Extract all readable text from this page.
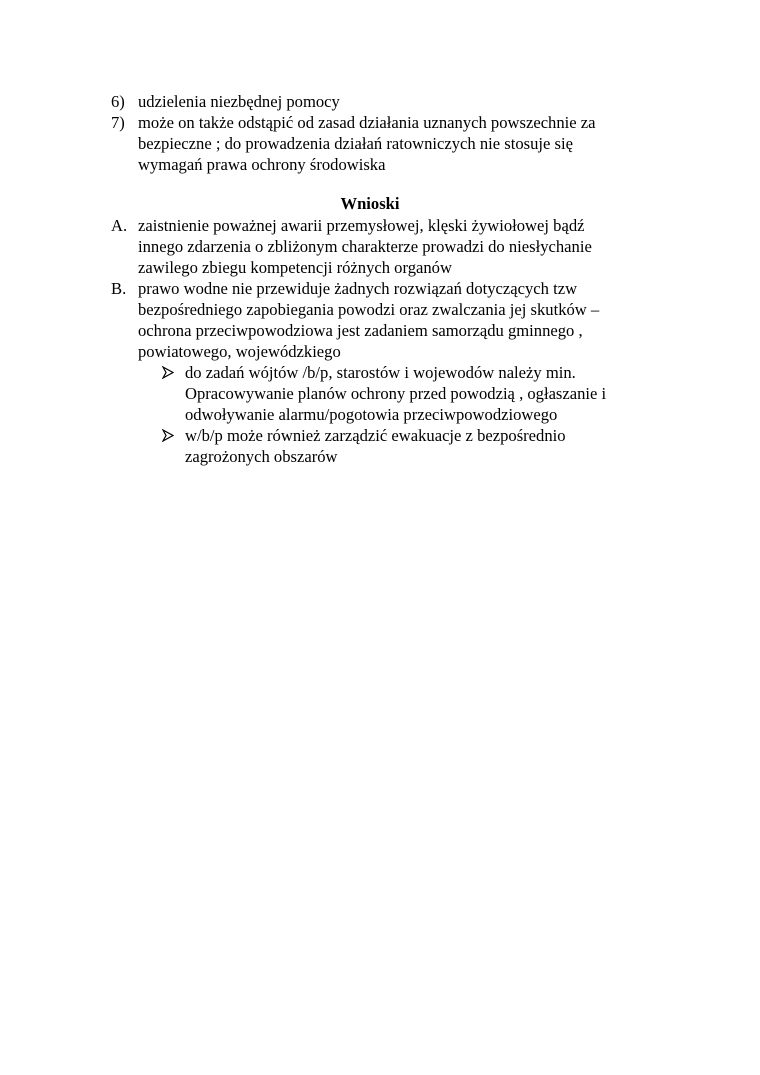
6) udzielenia niezbędnej pomocy
7) może on także odstąpić od zasad działania uznanych powszechnie za
bezpieczne ; do prowadzenia działań ratowniczych nie stosuje się
wymagań prawa ochrony środowiska
Wnioski
A. zaistnienie poważnej awarii przemysłowej, klęski żywiołowej bądź
innego zdarzenia o zbliżonym charakterze prowadzi do niesłychanie
zawilego zbiegu kompetencji różnych organów
B. prawo wodne nie przewiduje żadnych rozwiązań dotyczących tzw
bezpośredniego zapobiegania powodzi oraz zwalczania jej skutków –
ochrona przeciwpowodziowa jest zadaniem samorządu gminnego ,
powiatowego, wojewódzkiego
do zadań wójtów /b/p, starostów i wojewodów należy min.
Opracowywanie planów ochrony przed powodzią , ogłaszanie i
odwoływanie alarmu/pogotowia przeciwpowodziowego
w/b/p może również zarządzić ewakuacje z bezpośrednio
zagrożonych obszarów
